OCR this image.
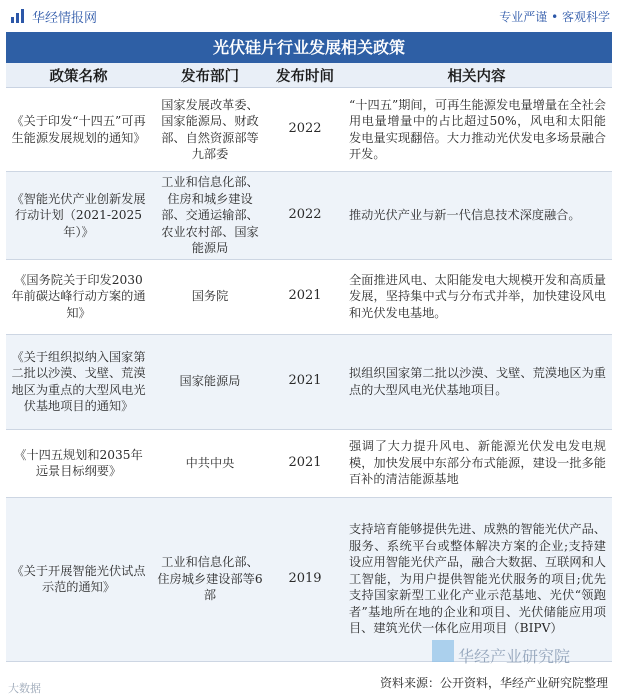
华经情报网	专业严谨 • 客观科学
光伏硅片行业发展相关政策
政策名称	发布部门	发布时间	相关内容
《关于印发“十四五”可再生能源发展规划的通知》	国家发展改革委、国家能源局、财政部、自然资源部等九部委	2022	“十四五”期间，可再生能源发电量增量在全社会用电量增量中的占比超过50%，风电和太阳能发电量实现翻倍。大力推动光伏发电多场景融合开发。
《智能光伏产业创新发展行动计划（2021-2025年）》	工业和信息化部、住房和城乡建设部、交通运输部、农业农村部、国家能源局	2022	推动光伏产业与新一代信息技术深度融合。
《国务院关于印发2030年前碳达峰行动方案的通知》	国务院	2021	全面推进风电、太阳能发电大规模开发和高质量发展，坚持集中式与分布式并举，加快建设风电和光伏发电基地。
《关于组织拟纳入国家第二批以沙漠、戈壁、荒漠地区为重点的大型风电光伏基地项目的通知》	国家能源局	2021	拟组织国家第二批以沙漠、戈壁、荒漠地区为重点的大型风电光伏基地项目。
《十四五规划和2035年远景目标纲要》	中共中央	2021	强调了大力提升风电、新能源光伏发电发电规模，加快发展中东部分布式能源，建设一批多能百补的清洁能源基地
《关于开展智能光伏试点示范的通知》	工业和信息化部、住房城乡建设部等6部	2019	支持培育能够提供先进、成熟的智能光伏产品、服务、系统平台或整体解决方案的企业;支持建设应用智能光伏产品，融合大数据、互联网和人工智能，为用户提供智能光伏服务的项目;优先支持国家新型工业化产业示范基地、光伏“领跑者”基地所在地的企业和项目、光伏储能应用项目、建筑光伏一体化应用项目（BIPV）
华经产业研究院
大数据	资料来源：公开资料，华经产业研究院整理
